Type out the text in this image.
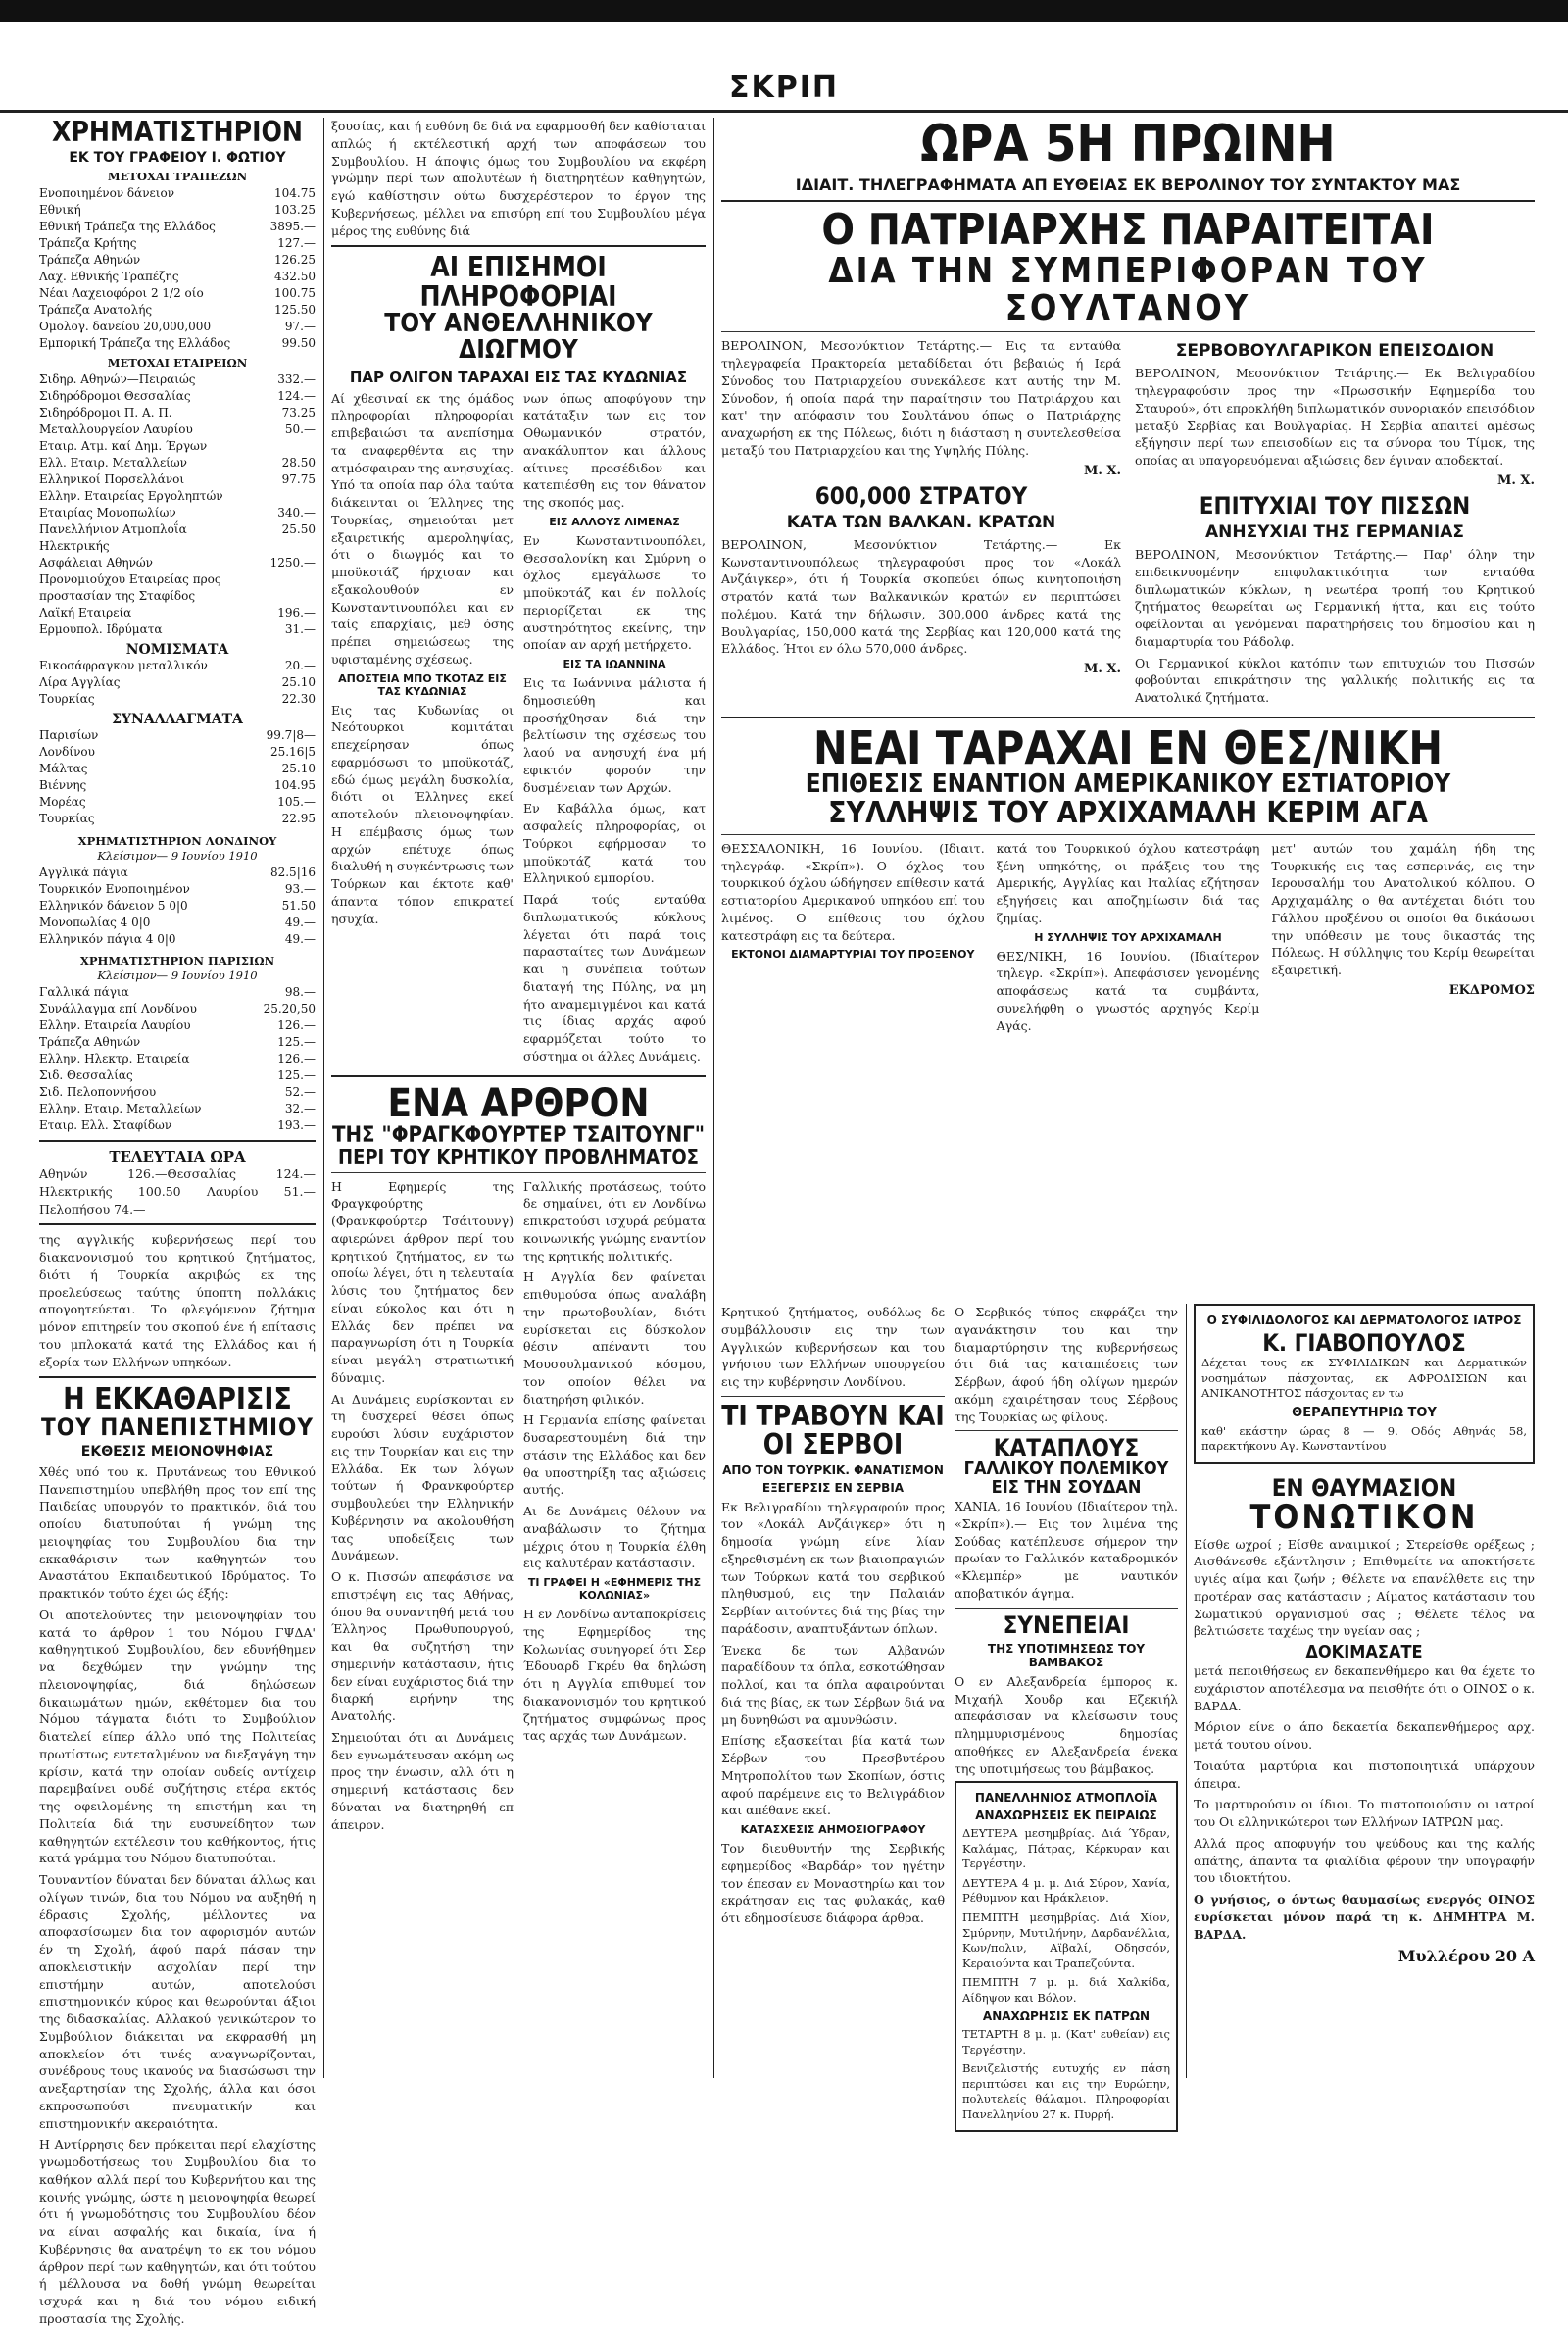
ΣΚΡΙΠ
ΧΡΗΜΑΤΙΣΤΗΡΙΟΝ
ΕΚ ΤΟΥ ΓΡΑΦΕΙΟΥ Ι. ΦΩΤΙΟΥ
ΜΕΤΟΧΑΙ ΤΡΑΠΕΖΩΝ
Ενοποιημένον δάνειον	104.75
Εθνική	103.25
Εθνική Τράπεζα της Ελλάδος	3895.—
Τράπεζα Κρήτης	127.—
Τράπεζα Αθηνών	126.25
Λαχ. Εθνικής Τραπέζης	432.50
Νέαι Λαχειοφόροι 2 1/2 οίο	100.75
Τράπεζα Ανατολής	125.50
Ομολογ. δανείου 20,000,000	97.—
Εμπορική Τράπεζα της Ελλάδος	99.50
ΜΕΤΟΧΑΙ ΕΤΑΙΡΕΙΩΝ
Σιδηρ. Αθηνών—Πειραιώς	332.—
Σιδηρόδρομοι Θεσσαλίας	124.—
Σιδηρόδρομοι Π. Α. Π.	73.25
Μεταλλουργείον Λαυρίου	50.—
Εταιρ. Ατμ. καί Δημ. Έργων
Ελλ. Εταιρ. Μεταλλείων	28.50
Ελληνικοί Πορσελλάνοι	97.75
Ελλην. Εταιρείας Εργοληπτών
Εταιρίας Μονοπωλίων	340.—
Πανελλήνιον Ατμοπλοΐα	25.50
Ηλεκτρικής
Ασφάλειαι Αθηνών	1250.—
Προνομιούχου Εταιρείας προς προστασίαν της Σταφίδος
Λαϊκή Εταιρεία	196.—
Ερμουπολ. Ιδρύματα	31.—
ΝΟΜΙΣΜΑΤΑ
Εικοσάφραγκον μεταλλικόν	20.—
Λίρα Αγγλίας	25.10
Τουρκίας	22.30
ΣΥΝΑΛΛΑΓΜΑΤΑ
Παρισίων	99.7|8—
Λονδίνου	25.16|5
Μάλτας	25.10
Βιέννης	104.95
Μορέας	105.—
Τουρκίας	22.95
ΧΡΗΜΑΤΙΣΤΗΡΙΟΝ ΛΟΝΔΙΝΟΥ
Κλείσιμον— 9 Ιουνίου 1910
Αγγλικά πάγια	82.5|16
Τουρκικόν Ενοποιημένον	93.—
Ελληνικόν δάνειον 5 0|0	51.50
Μονοπωλίας 4 0|0	49.—
Ελληνικόν πάγια 4 0|0	49.—
ΧΡΗΜΑΤΙΣΤΗΡΙΟΝ ΠΑΡΙΣΙΩΝ
Κλείσιμον— 9 Ιουνίου 1910
Γαλλικά πάγια	98.—
Συνάλλαγμα επί Λονδίνου	25.20,50
Ελλην. Εταιρεία Λαυρίου	126.—
Τράπεζα Αθηνών	125.—
Ελλην. Ηλεκτρ. Εταιρεία	126.—
Σιδ. Θεσσαλίας	125.—
Σιδ. Πελοποννήσου	52.—
Ελλην. Εταιρ. Μεταλλείων	32.—
Εταιρ. Ελλ. Σταφίδων	193.—
ΤΕΛΕΥΤΑΙΑ ΩΡΑ

Αθηνών 126.—Θεσσαλίας 124.—Ηλεκτρικής 100.50 Λαυρίου 51.— Πελοπήσου 74.—

της αγγλικής κυβερνήσεως περί του διακανονισμού του κρητικού ζητήματος, διότι ή Τουρκία ακριβώς εκ της προελεύσεως ταύτης ύποπτη πολλάκις απογοητεύεται. Το φλεγόμενον ζήτημα μόνον επιτηρείν του σκοπού ένε ή επίτασις του μπλοκατά κατά της Ελλάδος και ή εξορία των Ελλήνων υπηκόων.

Η ΕΚΚΑΘΑΡΙΣΙΣ
ΤΟΥ ΠΑΝΕΠΙΣΤΗΜΙΟΥ
ΕΚΘΕΣΙΣ ΜΕΙΟΝΟΨΗΦΙΑΣ

Χθές υπό του κ. Πρυτάνεως του Εθνικού Πανεπιστημίου υπεβλήθη προς τον επί της Παιδείας υπουργόν το πρακτικόν, διά του οποίου διατυπούται ή γνώμη της μειοψηφίας του Συμβουλίου δια την εκκαθάρισιν των καθηγητών του Αναστάτου Εκπαιδευτικού Ιδρύματος. Το πρακτικόν τούτο έχει ώς έξής:

Οι αποτελούντες την μειονοψηφίαν του κατά το άρθρον 1 του Νόμου ΓΨΔΑ' καθηγητικού Συμβουλίου, δεν εδυνήθημεν να δεχθώμεν την γνώμην της πλειονοψηφίας, διά δηλώσεων δικαιωμάτων ημών, εκθέτομεν δια του Νόμου τάγματα διότι το Συμβούλιον διατελεί είπερ άλλο υπό της Πολιτείας πρωτίστως εντεταλμένον να διεξαγάγη την κρίσιν, κατά την οποίαν ουδείς αντίχειρ παρεμβαίνει ουδέ συζήτησις ετέρα εκτός της οφειλομένης τη επιστήμη και τη Πολιτεία διά την ευσυνείδητον των καθηγητών εκτέλεσιν του καθήκοντος, ήτις κατά γράμμα του Νόμου διατυπούται.

Τουναντίον δύναται δεν δύναται άλλως και ολίγων τινών, δια του Νόμου να αυξηθή η έδρασις Σχολής, μέλλοντες να αποφασίσωμεν δια τον αφορισμόν αυτών έν τη Σχολή, άφού παρά πάσαν την αποκλειστικήν ασχολίαν περί την επιστήμην αυτών, αποτελούσι επιστημονικόν κύρος και θεωρούνται άξιοι της διδασκαλίας. Αλλακού γενικώτερον το Συμβούλιον διάκειται να εκφρασθή μη αποκλείον ότι τινές αναγνωρίζονται, συνέδρους τους ικανούς να διασώσωσι την ανεξαρτησίαν της Σχολής, άλλα και όσοι εκπροσωπούσι πνευματικήν και επιστημονικήν ακεραιότητα.

Η Αντίρρησις δεν πρόκειται περί ελαχίστης γνωμοδοτήσεως του Συμβουλίου δια το καθήκον αλλά περί του Κυβερνήτου και της κοινής γνώμης, ώστε η μειονοψηφία θεωρεί ότι ή γνωμοδότησις του Συμβουλίου δέον να είναι ασφαλής και δικαία, ίνα ή Κυβέρνησις θα ανατρέψη το εκ του νόμου άρθρον περί των καθηγητών, και ότι τούτου ή μέλλουσα να δοθή γνώμη θεωρείται ισχυρά και η διά του νόμου ειδική προστασία της Σχολής.

ξουσίας, και ή ευθύνη δε διά να εφαρμοσθή δεν καθίσταται απλώς ή εκτέλεστική αρχή των αποφάσεων του Συμβουλίου. Η άποψις όμως του Συμβουλίου να εκφέρη γνώμην περί των απολυτέων ή διατηρητέων καθηγητών, εγώ καθίστησιν ούτω δυσχερέστερον το έργον της Κυβερνήσεως, μέλλει να επισύρη επί του Συμβουλίου μέγα μέρος της ευθύνης διά

ΑΙ ΕΠΙΣΗΜΟΙ ΠΛΗΡΟΦΟΡΙΑΙ
ΤΟΥ ΑΝΘΕΛΛΗΝΙΚΟΥ ΔΙΩΓΜΟΥ
ΠΑΡ ΟΛΙΓΟΝ ΤΑΡΑΧΑΙ ΕΙΣ ΤΑΣ ΚΥΔΩΝΙΑΣ

Αί χθεσιναί εκ της όμάδος πληροφορίαι πληροφορίαι επιβεβαιώσι τα ανεπίσημα τα αναφερθέντα εις την ατμόσφαιραν της ανησυχίας. Υπό τα οποία παρ όλα ταύτα διάκεινται οι Έλληνες της Τουρκίας, σημειούται μετ εξαιρετικής αμεροληψίας, ότι ο διωγμός και το μποϋκοτάζ ήρχισαν και εξακολουθούν εν Κωνσταντινουπόλει και εν ταίς επαρχίαις, μεθ όσης πρέπει σημειώσεως της υφισταμένης σχέσεως.

ΑΠΟΣΤΕΙΑ ΜΠΟ ΤΚΟΤΑΖ ΕΙΣ ΤΑΣ ΚΥΔΩΝΙΑΣ

Εις τας Κυδωνίας οι Νεότουρκοι κομιτάται επεχείρησαν όπως εφαρμόσωσι το μποϋκοτάζ, εδώ όμως μεγάλη δυσκολία, διότι οι Έλληνες εκεί αποτελούν πλειονοψηφίαν. Η επέμβασις όμως των αρχών επέτυχε όπως διαλυθή η συγκέντρωσις των Τούρκων και έκτοτε καθ' άπαντα τόπον επικρατεί ησυχία.

νων όπως αποφύγουν την κατάταξιν των εις τον Οθωμανικόν στρατόν, ανακάλυπτον και άλλους αίτινες προσέδιδον και κατεπιέσθη εις τον θάνατον της σκοπός μας.

ΕΙΣ ΑΛΛΟΥΣ ΛΙΜΕΝΑΣ

Εν Κωνσταντινουπόλει, Θεσσαλονίκη και Σμύρνη ο όχλος εμεγάλωσε το μποϋκοτάζ και έν πολλοίς περιορίζεται εκ της αυστηρότητος εκείνης, την οποίαν αν αρχή μετήρχετο.

ΕΙΣ ΤΑ ΙΩΑΝΝΙΝΑ

Εις τα Ιωάννινα μάλιστα ή δημοσιεύθη και προσήχθησαν διά την βελτίωσιν της σχέσεως του λαού να ανησυχή ένα μή εφικτόν φορούν την δυσμένειαν των Αρχών.

Εν Καβάλλα όμως, κατ ασφαλείς πληροφορίας, οι Τούρκοι εφήρμοσαν το μποϋκοτάζ κατά του Ελληνικού εμπορίου.

Παρά τούς ενταύθα διπλωματικούς κύκλους λέγεται ότι παρά τοις παρασταίτες των Δυνάμεων και η συνέπεια τούτων διαταγή της Πύλης, να μη ήτο αναμεμιγμένοι και κατά τις ίδιας αρχάς αφού εφαρμόζεται τούτο το σύστημα οι άλλες Δυνάμεις.

ΕΝΑ ΑΡΘΡΟΝ
ΤΗΣ "ΦΡΑΓΚΦΟΥΡΤΕΡ ΤΣΑΙΤΟΥΝΓ"
ΠΕΡΙ ΤΟΥ ΚΡΗΤΙΚΟΥ ΠΡΟΒΛΗΜΑΤΟΣ

Η Εφημερίς της Φραγκφούρτης (Φρανκφούρτερ Τσάιτουνγ) αφιερώνει άρθρον περί του κρητικού ζητήματος, εν τω οποίω λέγει, ότι η τελευταία λύσις του ζητήματος δεν είναι εύκολος και ότι η Ελλάς δεν πρέπει να παραγνωρίση ότι η Τουρκία είναι μεγάλη στρατιωτική δύναμις.

Αι Δυνάμεις ευρίσκονται εν τη δυσχερεί θέσει όπως ευρούσι λύσιν ευχάριστον εις την Τουρκίαν και εις την Ελλάδα. Εκ των λόγων τούτων ή Φρανκφούρτερ συμβουλεύει την Ελληνικήν Κυβέρνησιν να ακολουθήση τας υποδείξεις των Δυνάμεων.

Ο κ. Πισσών απεφάσισε να επιστρέψη εις τας Αθήνας, όπου θα συναντηθή μετά του Έλληνος Πρωθυπουργού, και θα συζητήση την σημερινήν κατάστασιν, ήτις δεν είναι ευχάριστος διά την διαρκή ειρήνην της Ανατολής.

Σημειούται ότι αι Δυνάμεις δεν εγνωμάτευσαν ακόμη ως προς την ένωσιν, αλλ ότι η σημερινή κατάστασις δεν δύναται να διατηρηθή επ άπειρον.

Γαλλικής προτάσεως, τούτο δε σημαίνει, ότι εν Λονδίνω επικρατούσι ισχυρά ρεύματα κοινωνικής γνώμης εναντίον της κρητικής πολιτικής.

Η Αγγλία δεν φαίνεται επιθυμούσα όπως αναλάβη την πρωτοβουλίαν, διότι ευρίσκεται εις δύσκολον θέσιν απέναντι του Μουσουλμανικού κόσμου, τον οποίον θέλει να διατηρήση φιλικόν.

Η Γερμανία επίσης φαίνεται δυσαρεστουμένη διά την στάσιν της Ελλάδος και δεν θα υποστηρίξη τας αξιώσεις αυτής.

Αι δε Δυνάμεις θέλουν να αναβάλωσιν το ζήτημα μέχρις ότου η Τουρκία έλθη εις καλυτέραν κατάστασιν.

ΤΙ ΓΡΑΦΕΙ Η «ΕΦΗΜΕΡΙΣ ΤΗΣ ΚΟΛΩΝΙΑΣ»

Η εν Λονδίνω ανταποκρίσεις της Εφημερίδος της Κολωνίας συνηγορεί ότι Σερ Έδουαρδ Γκρέυ θα δηλώση ότι η Αγγλία επιθυμεί τον διακανονισμόν του κρητικού ζητήματος συμφώνως προς τας αρχάς των Δυνάμεων.

ΩΡΑ 5Η ΠΡΩΙΝΗ
ΙΔΙΑΙΤ. ΤΗΛΕΓΡΑΦΗΜΑΤΑ ΑΠ ΕΥΘΕΙΑΣ ΕΚ ΒΕΡΟΛΙΝΟΥ ΤΟΥ ΣΥΝΤΑΚΤΟΥ ΜΑΣ
Ο ΠΑΤΡΙΑΡΧΗΣ ΠΑΡΑΙΤΕΙΤΑΙ
ΔΙΑ ΤΗΝ ΣΥΜΠΕΡΙΦΟΡΑΝ ΤΟΥ ΣΟΥΛΤΑΝΟΥ

ΒΕΡΟΛΙΝΟΝ, Μεσονύκτιον Τετάρτης.— Εις τα ενταύθα τηλεγραφεία Πρακτορεία μεταδίδεται ότι βεβαιώς ή Ιερά Σύνοδος του Πατριαρχείου συνεκάλεσε κατ αυτής την Μ. Σύνοδον, ή οποία παρά την παραίτησιν του Πατριάρχου και κατ' την απόφασιν του Σουλτάνου όπως ο Πατριάρχης αναχωρήση εκ της Πόλεως, διότι η διάσταση η συντελεσθείσα μεταξύ του Πατριαρχείου και της Υψηλής Πύλης.

Μ. Χ.
600,000 ΣΤΡΑΤΟΥ
ΚΑΤΑ ΤΩΝ ΒΑΛΚΑΝ. ΚΡΑΤΩΝ

ΒΕΡΟΛΙΝΟΝ, Μεσονύκτιον Τετάρτης.— Εκ Κωνσταντινουπόλεως τηλεγραφούσι προς τον «Λοκάλ Ανζάιγκερ», ότι ή Τουρκία σκοπεύει όπως κινητοποιήση στρατόν κατά των Βαλκανικών κρατών εν περιπτώσει πολέμου. Κατά την δήλωσιν, 300,000 άνδρες κατά της Βουλγαρίας, 150,000 κατά της Σερβίας και 120,000 κατά της Ελλάδος. Ήτοι εν όλω 570,000 άνδρες.

Μ. Χ.
ΣΕΡΒΟΒΟΥΛΓΑΡΙΚΟΝ ΕΠΕΙΣΟΔΙΟΝ

ΒΕΡΟΛΙΝΟΝ, Μεσονύκτιον Τετάρτης.— Εκ Βελιγραδίου τηλεγραφούσιν προς την «Πρωσσικήν Εφημερίδα του Σταυρού», ότι επροκλήθη διπλωματικόν συνοριακόν επεισόδιον μεταξύ Σερβίας και Βουλγαρίας. Η Σερβία απαιτεί αμέσως εξήγησιν περί των επεισοδίων εις τα σύνορα του Τίμοκ, της οποίας αι υπαγορευόμεναι αξιώσεις δεν έγιναν αποδεκταί.

Μ. Χ.
ΕΠΙΤΥΧΙΑΙ ΤΟΥ ΠΙΣΣΩΝ
ΑΝΗΣΥΧΙΑΙ ΤΗΣ ΓΕΡΜΑΝΙΑΣ

ΒΕΡΟΛΙΝΟΝ, Μεσονύκτιον Τετάρτης.— Παρ' όλην την επιδεικνυομένην επιφυλακτικότητα των ενταύθα διπλωματικών κύκλων, η νεωτέρα τροπή του Κρητικού ζητήματος θεωρείται ως Γερμανική ήττα, και εις τούτο οφείλονται αι γενόμεναι παρατηρήσεις του δημοσίου και η διαμαρτυρία του Ράδολφ.

Οι Γερμανικοί κύκλοι κατόπιν των επιτυχιών του Πισσών φοβούνται επικράτησιν της γαλλικής πολιτικής εις τα Ανατολικά ζητήματα.

ΝΕΑΙ ΤΑΡΑΧΑΙ ΕΝ ΘΕΣ/ΝΙΚΗ
ΕΠΙΘΕΣΙΣ ΕΝΑΝΤΙΟΝ ΑΜΕΡΙΚΑΝΙΚΟΥ ΕΣΤΙΑΤΟΡΙΟΥ
ΣΥΛΛΗΨΙΣ ΤΟΥ ΑΡΧΙΧΑΜΑΛΗ ΚΕΡΙΜ ΑΓΑ

ΘΕΣΣΑΛΟΝΙΚΗ, 16 Ιουνίου. (Ιδιαιτ. τηλεγράφ. «Σκρίπ»).—Ο όχλος του τουρκικού όχλου ώδήγησεν επίθεσιν κατά εστιατορίου Αμερικανού υπηκόου επί του λιμένος. Ο επίθεσις του όχλου κατεστράφη εις τα δεύτερα.

ΕΚΤΟΝΟΙ ΔΙΑΜΑΡΤΥΡΙΑΙ ΤΟΥ ΠΡΟΞΕΝΟΥ

κατά του Τουρκικού όχλου κατεστράφη ξένη υπηκότης, οι πράξεις του της Αμερικής, Αγγλίας και Ιταλίας εζήτησαν εξηγήσεις και αποζημίωσιν διά τας ζημίας.

Η ΣΥΛΛΗΨΙΣ ΤΟΥ ΑΡΧΙΧΑΜΑΛΗ

ΘΕΣ/ΝΙΚΗ, 16 Ιουνίου. (Ιδιαίτερον τηλεγρ. «Σκρίπ»). Απεφάσισεν γενομένης αποφάσεως κατά τα συμβάντα, συνελήφθη ο γνωστός αρχηγός Κερίμ Αγάς.

μετ' αυτών του χαμάλη ήδη της Τουρκικής εις τας εσπερινάς, εις την Ιερουσαλήμ του Ανατολικού κόλπου. Ο Αρχιχαμάλης ο θα αντέχεται διότι του Γάλλου προξένου οι οποίοι θα δικάσωσι την υπόθεσιν με τους δικαστάς της Πόλεως. Η σύλληψις του Κερίμ θεωρείται εξαιρετική.

ΕΚΔΡΟΜΟΣ

Κρητικού ζητήματος, ουδόλως δε συμβάλλουσιν εις την των Αγγλικών κυβερνήσεων και του γνήσιου των Ελλήνων υπουργείου εις την κυβέρνησιν Λονδίνου.

ΤΙ ΤΡΑΒΟΥΝ ΚΑΙ ΟΙ ΣΕΡΒΟΙ
ΑΠΟ ΤΟΝ ΤΟΥΡΚΙΚ. ΦΑΝΑΤΙΣΜΟΝ
ΕΞΕΓΕΡΣΙΣ ΕΝ ΣΕΡΒΙΑ

Εκ Βελιγραδίου τηλεγραφούν προς τον «Λοκάλ Ανζάιγκερ» ότι η δημοσία γνώμη είνε λίαν εξηρεθισμένη εκ των βιαιοπραγιών των Τούρκων κατά του σερβικού πληθυσμού, εις την Παλαιάν Σερβίαν αιτούντες διά της βίας την παράδοσιν, αναπτυξάντων όπλων.

Ένεκα δε των Αλβανών παραδίδουν τα όπλα, εσκοτώθησαν πολλοί, και τα όπλα αφαιρούνται διά της βίας, εκ των Σέρβων διά να μη δυνηθώσι να αμυνθώσιν.

Επίσης εξασκείται βία κατά των Σέρβων του Πρεσβυτέρου Μητροπολίτου των Σκοπίων, όστις αφού παρέμεινε εις το Βελιγράδιον και απέθανε εκεί.

ΚΑΤΑΣΧΕΣΙΣ ΑΗΜΟΣΙΟΓΡΑΦΟΥ

Τον διευθυντήν της Σερβικής εφημερίδος «Βαρδάρ» τον ηγέτην τον έπεσαν εν Μοναστηρίω και τον εκράτησαν εις τας φυλακάς, καθ ότι εδημοσίευσε διάφορα άρθρα.

Ο Σερβικός τύπος εκφράζει την αγανάκτησιν του και την διαμαρτύρησιν της κυβερνήσεως ότι διά τας καταπιέσεις των Σέρβων, άφού ήδη ολίγων ημερών ακόμη εχαιρέτησαν τους Σέρβους της Τουρκίας ως φίλους.

ΚΑΤΑΠΛΟΥΣ
ΓΑΛΛΙΚΟΥ ΠΟΛΕΜΙΚΟΥ
ΕΙΣ ΤΗΝ ΣΟΥΔΑΝ

ΧΑΝΙΑ, 16 Ιουνίου (Ιδιαίτερον τηλ. «Σκρίπ»).— Εις τον λιμένα της Σούδας κατέπλευσε σήμερον την πρωίαν το Γαλλικόν καταδρομικόν «Κλεμπέρ» με ναυτικόν αποβατικόν άγημα.

ΣΥΝΕΠΕΙΑΙ
ΤΗΣ ΥΠΟΤΙΜΗΣΕΩΣ ΤΟΥ ΒΑΜΒΑΚΟΣ

Ο εν Αλεξανδρεία έμπορος κ. Μιχαήλ Χουδρ και Εζεκιήλ απεφάσισαν να κλείσωσιν τους πλημμυρισμένους δημοσίας αποθήκες εν Αλεξανδρεία ένεκα της υποτιμήσεως του βάμβακος.

ΠΑΝΕΛΛΗΝΙΟΣ ΑΤΜΟΠΛΟΪΑ
ΑΝΑΧΩΡΗΣΕΙΣ ΕΚ ΠΕΙΡΑΙΩΣ

ΔΕΥΤΕΡΑ μεσημβρίας. Διά Ύδραν, Καλάμας, Πάτρας, Κέρκυραν και Τεργέστην.

ΔΕΥΤΕΡΑ 4 μ. μ. Διά Σύρον, Χανία, Ρέθυμνον και Ηράκλειον.

ΠΕΜΠΤΗ μεσημβρίας. Διά Χίον, Σμύρνην, Μυτιλήνην, Δαρδανέλλια, Κων/πολιν, Αϊβαλί, Οδησσόν, Κεραιούντα και Τραπεζούντα.

ΠΕΜΠΤΗ 7 μ. μ. διά Χαλκίδα, Αίδηψον και Βόλον.

ΑΝΑΧΩΡΗΣΙΣ ΕΚ ΠΑΤΡΩΝ

ΤΕΤΑΡΤΗ 8 μ. μ. (Κατ' ευθείαν) εις Τεργέστην.

Βενιζελιστής ευτυχής εν πάση περιπτώσει και εις την Ευρώπην, πολυτελείς θάλαμοι. Πληροφορίαι Πανελληνίου 27 κ. Πυρρή.

Ο ΣΥΦΙΛΙΔΟΛΟΓΟΣ ΚΑΙ ΔΕΡΜΑΤΟΛΟΓΟΣ ΙΑΤΡΟΣ
Κ. ΓΙΑΒΟΠΟΥΛΟΣ

Δέχεται τους εκ ΣΥΦΙΛΙΔΙΚΩΝ και Δερματικών νοσημάτων πάσχοντας, εκ ΑΦΡΟΔΙΣΙΩΝ και ΑΝΙΚΑΝΟΤΗΤΟΣ πάσχοντας εν τω

ΘΕΡΑΠΕΥΤΗΡΙΩ ΤΟΥ

καθ' εκάστην ώρας 8 — 9. Οδός Αθηνάς 58, παρεκτήκονυ Αγ. Κωνσταντίνου

ΕΝ ΘΑΥΜΑΣΙΟΝ
ΤΟΝΩΤΙΚΟΝ

Είσθε ωχροί ; Είσθε αναιμικοί ; Στερείσθε ορέξεως ; Αισθάνεσθε εξάντλησιν ; Επιθυμείτε να αποκτήσετε υγιές αίμα και ζωήν ; Θέλετε να επανέλθετε εις την προτέραν σας κατάστασιν ; Αίματος κατάστασιν του Σωματικού οργανισμού σας ; Θέλετε τέλος να βελτιώσετε ταχέως την υγείαν σας ;

ΔΟΚΙΜΑΣΑΤΕ

μετά πεποιθήσεως εν δεκαπενθήμερο και θα έχετε το ευχάριστον αποτέλεσμα να πεισθήτε ότι ο ΟΙΝΟΣ ο κ. ΒΑΡΔΑ.

Μόριον είνε ο άπο δεκαετία δεκαπενθήμερος αρχ. μετά τουτου οίνου.

Τοιαύτα μαρτύρια και πιστοποιητικά υπάρχουν άπειρα.

Το μαρτυρούσιν οι ίδιοι. Το πιστοποιούσιν οι ιατροί του Οι ελληνικώτεροι των Ελλήνων ΙΑΤΡΩΝ μας.

Αλλά προς αποφυγήν του ψεύδους και της καλής απάτης, άπαντα τα φιαλίδια φέρουν την υπογραφήν του ιδιοκτήτου.

Ο γνήσιος, ο όντως θαυμασίως ενεργός ΟΙΝΟΣ ευρίσκεται μόνον παρά τη κ. ΔΗΜΗΤΡΑ Μ. ΒΑΡΔΑ.

Μυλλέρου 20 Α
